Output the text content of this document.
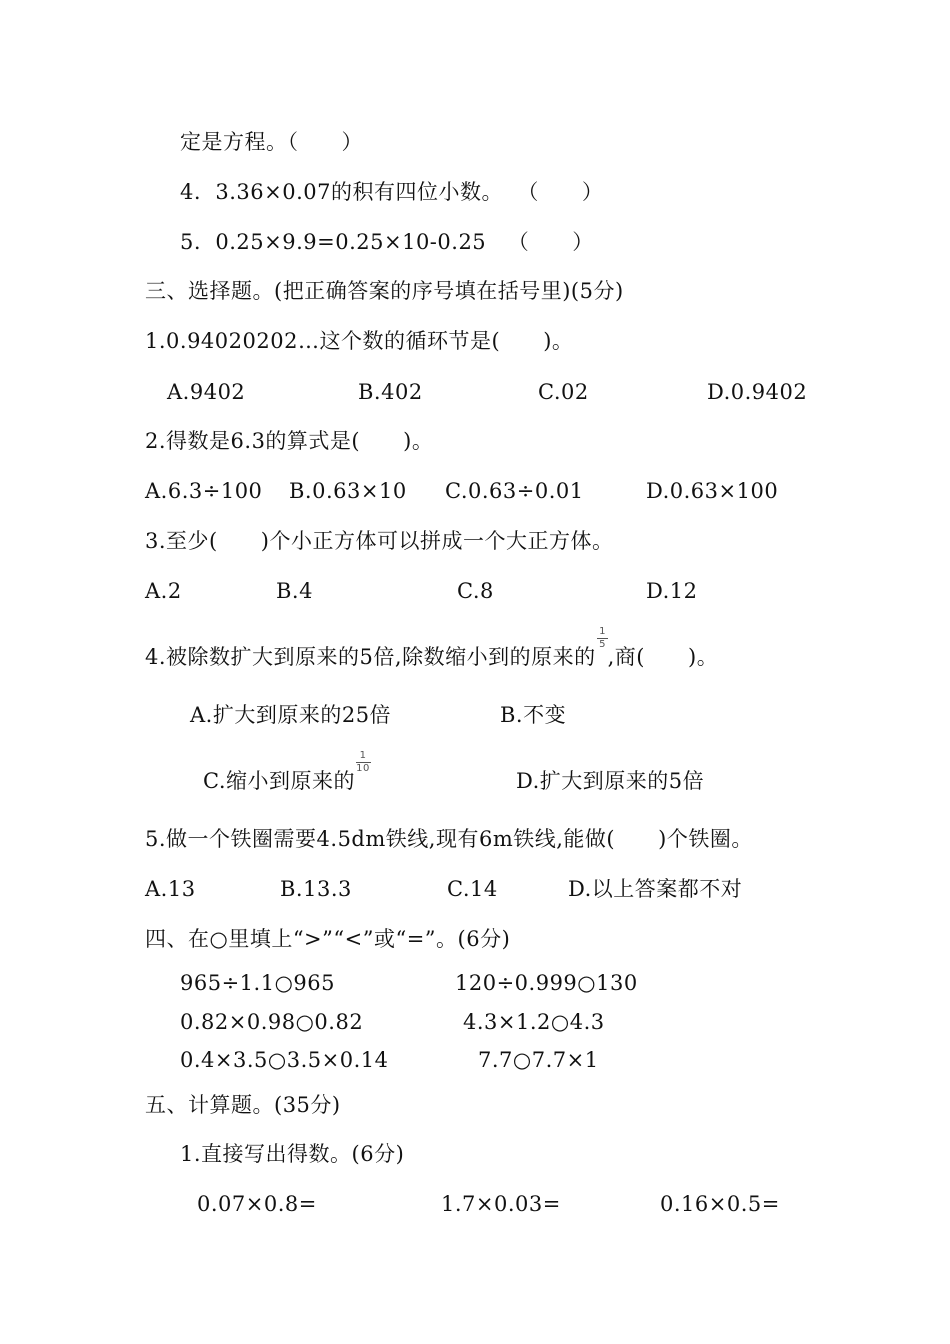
定是方程。（      ）
4.  3.36×0.07的积有四位小数。  （      ）
5.  0.25×9.9=0.25×10-0.25   （      ）
三、选择题。(把正确答案的序号填在括号里)(5分)
1.0.94020202…这个数的循环节是(      )。
A.9402	B.402	C.02	D.0.9402
2.得数是6.3的算式是(      )。
A.6.3÷100 B.0.63×10 C.0.63÷0.01	D.0.63×100
3.至少(      )个小正方体可以拼成一个大正方体。
A.2	B.4	C.8	D.12
4.被除数扩大到原来的5倍,除数缩小到的原来的 $\frac{1}{5}$ ,商(      )。
A.扩大到原来的25倍	B.不变
C.缩小到原来的 $\frac{1}{10}$	D.扩大到原来的5倍
5.做一个铁圈需要4.5dm铁线,现有6m铁线,能做(      )个铁圈。
A.13	B.13.3	C.14	D.以上答案都不对
四、在○里填上“>”“<”或“=”。(6分)
965÷1.1○965	120÷0.999○130
0.82×0.98○0.82	4.3×1.2○4.3
0.4×3.5○3.5×0.14	7.7○7.7×1
五、计算题。(35分)
1.直接写出得数。(6分)
0.07×0.8=	1.7×0.03=	0.16×0.5=
